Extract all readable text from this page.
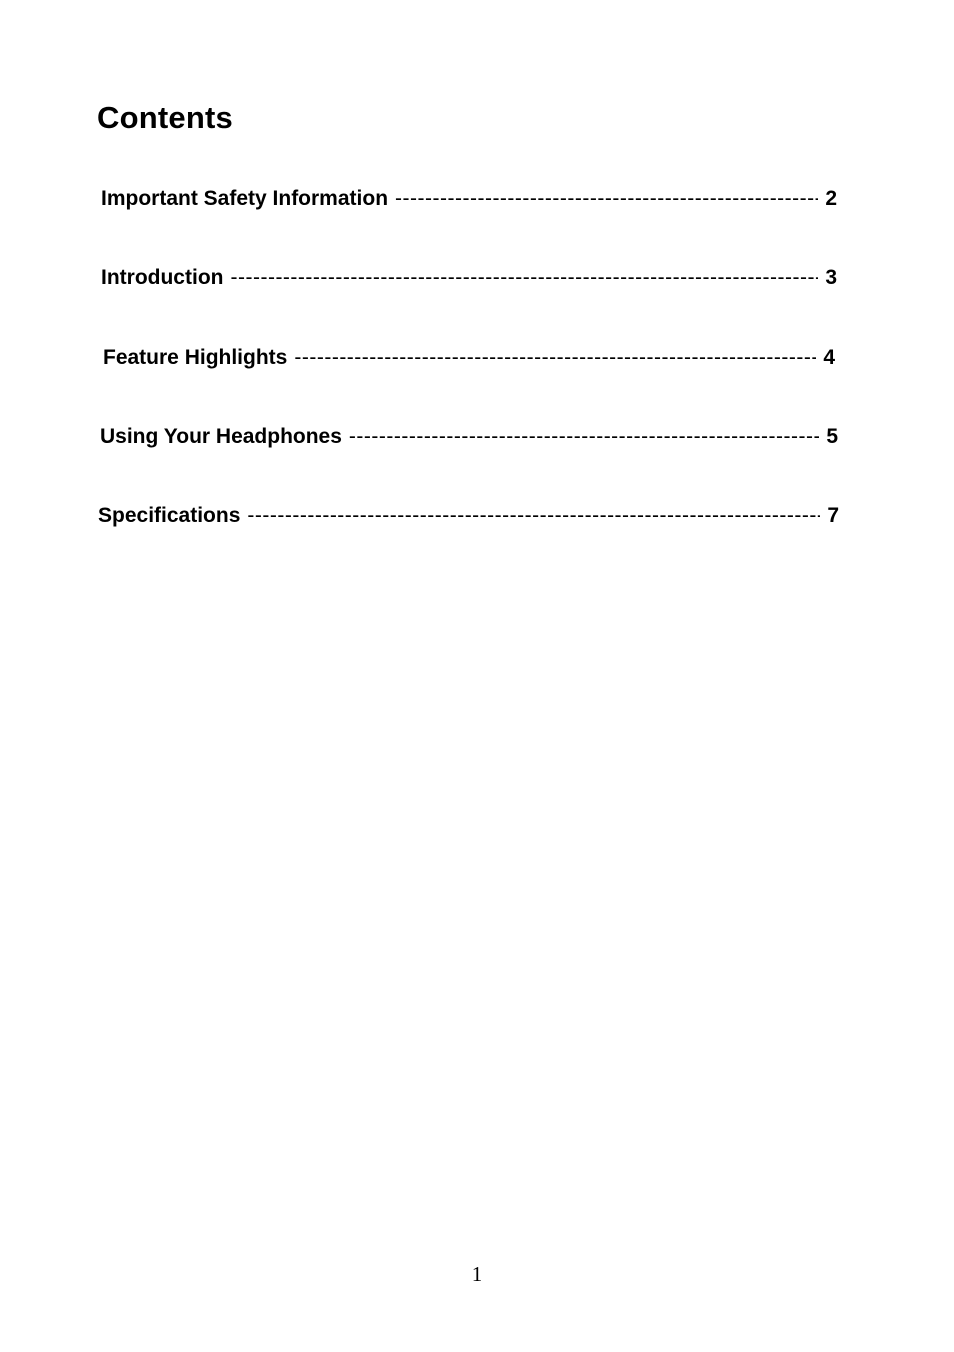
Contents
Important Safety Information -----	2
Introduction -----	3
Feature Highlights -----	4
Using Your Headphones -----	5
Specifications -----	7
1
